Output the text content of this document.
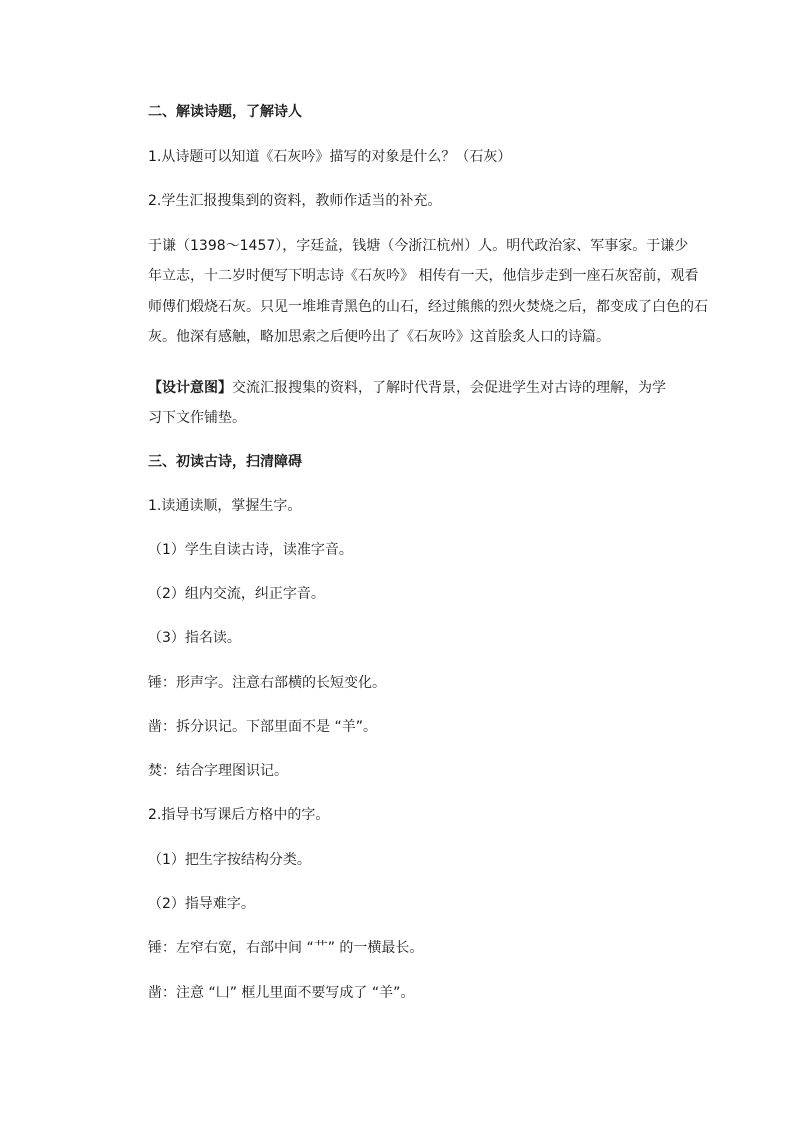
二、解读诗题，了解诗人
1.从诗题可以知道《石灰吟》描写的对象是什么？（石灰）
2.学生汇报搜集到的资料，教师作适当的补充。
于谦（1398～1457），字廷益，钱塘（今浙江杭州）人。明代政治家、军事家。于谦少
年立志，十二岁时便写下明志诗《石灰吟》 相传有一天，他信步走到一座石灰窑前，观看
师傅们煅烧石灰。只见一堆堆青黑色的山石，经过熊熊的烈火焚烧之后，都变成了白色的石
灰。他深有感触，略加思索之后便吟出了《石灰吟》这首脍炙人口的诗篇。
【设计意图】交流汇报搜集的资料，了解时代背景，会促进学生对古诗的理解，为学
习下文作铺垫。
三、初读古诗，扫清障碍
1.读通读顺，掌握生字。
（1）学生自读古诗，读准字音。
（2）组内交流，纠正字音。
（3）指名读。
锤：形声字。注意右部横的长短变化。
凿：拆分识记。下部里面不是 “羊”。
焚：结合字理图识记。
2.指导书写课后方格中的字。
（1）把生字按结构分类。
（2）指导难字。
锤：左窄右宽，右部中间 “艹” 的一横最长。
凿：注意 “凵” 框儿里面不要写成了 “羊”。
